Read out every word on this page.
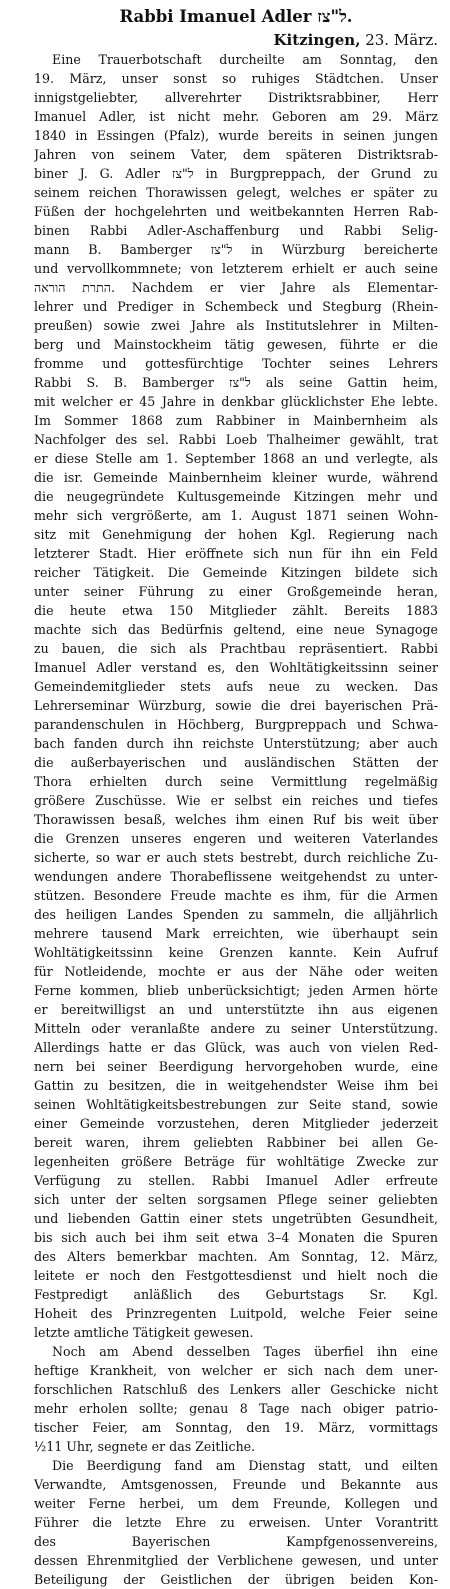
Rabbi Imanuel Adler ל"צז.
Kitzingen, 23. März.
Eine Trauerbotschaft durcheilte am Sonntag, den
19. März, unser sonst so ruhiges Städtchen. Unser
innigstgeliebter, allverehrter Distriktsrabbiner, Herr
Imanuel Adler, ist nicht mehr. Geboren am 29. März
1840 in Essingen (Pfalz), wurde bereits in seinen jungen
Jahren von seinem Vater, dem späteren Distriktsrab-
biner J. G. Adler ל"צז in Burgpreppach, der Grund zu
seinem reichen Thorawissen gelegt, welches er später zu
Füßen der hochgelehrten und weitbekannten Herren Rab-
binen Rabbi Adler-Aschaffenburg und Rabbi Selig-
mann B. Bamberger ל"צז in Würzburg bereicherte
und vervollkommnete; von letzterem erhielt er auch seine
התרת הוראה. Nachdem er vier Jahre als Elementar-
lehrer und Prediger in Schembeck und Stegburg (Rhein-
preußen) sowie zwei Jahre als Institutslehrer in Milten-
berg und Mainstockheim tätig gewesen, führte er die
fromme und gottesfürchtige Tochter seines Lehrers
Rabbi S. B. Bamberger ל"צז als seine Gattin heim,
mit welcher er 45 Jahre in denkbar glücklichster Ehe lebte.
Im Sommer 1868 zum Rabbiner in Mainbernheim als
Nachfolger des sel. Rabbi Loeb Thalheimer gewählt, trat
er diese Stelle am 1. September 1868 an und verlegte, als
die isr. Gemeinde Mainbernheim kleiner wurde, während
die neugegründete Kultusgemeinde Kitzingen mehr und
mehr sich vergrößerte, am 1. August 1871 seinen Wohn-
sitz mit Genehmigung der hohen Kgl. Regierung nach
letzterer Stadt. Hier eröffnete sich nun für ihn ein Feld
reicher Tätigkeit. Die Gemeinde Kitzingen bildete sich
unter seiner Führung zu einer Großgemeinde heran,
die heute etwa 150 Mitglieder zählt. Bereits 1883
machte sich das Bedürfnis geltend, eine neue Synagoge
zu bauen, die sich als Prachtbau repräsentiert. Rabbi
Imanuel Adler verstand es, den Wohltätigkeitssinn seiner
Gemeindemitglieder stets aufs neue zu wecken. Das
Lehrerseminar Würzburg, sowie die drei bayerischen Prä-
parandenschulen in Höchberg, Burgpreppach und Schwa-
bach fanden durch ihn reichste Unterstützung; aber auch
die außerbayerischen und ausländischen Stätten der
Thora erhielten durch seine Vermittlung regelmäßig
größere Zuschüsse. Wie er selbst ein reiches und tiefes
Thorawissen besaß, welches ihm einen Ruf bis weit über
die Grenzen unseres engeren und weiteren Vaterlandes
sicherte, so war er auch stets bestrebt, durch reichliche Zu-
wendungen andere Thorabeflissene weitgehendst zu unter-
stützen. Besondere Freude machte es ihm, für die Armen
des heiligen Landes Spenden zu sammeln, die alljährlich
mehrere tausend Mark erreichten, wie überhaupt sein
Wohltätigkeitssinn keine Grenzen kannte. Kein Aufruf
für Notleidende, mochte er aus der Nähe oder weiten
Ferne kommen, blieb unberücksichtigt; jeden Armen hörte
er bereitwilligst an und unterstützte ihn aus eigenen
Mitteln oder veranlaßte andere zu seiner Unterstützung.
Allerdings hatte er das Glück, was auch von vielen Red-
nern bei seiner Beerdigung hervorgehoben wurde, eine
Gattin zu besitzen, die in weitgehendster Weise ihm bei
seinen Wohltätigkeitsbestrebungen zur Seite stand, sowie
einer Gemeinde vorzustehen, deren Mitglieder jederzeit
bereit waren, ihrem geliebten Rabbiner bei allen Ge-
legenheiten größere Beträge für wohltätige Zwecke zur
Verfügung zu stellen. Rabbi Imanuel Adler erfreute
sich unter der selten sorgsamen Pflege seiner geliebten
und liebenden Gattin einer stets ungetrübten Gesundheit,
bis sich auch bei ihm seit etwa 3–4 Monaten die Spuren
des Alters bemerkbar machten. Am Sonntag, 12. März,
leitete er noch den Festgottesdienst und hielt noch die
Festpredigt anläßlich des Geburtstags Sr. Kgl.
Hoheit des Prinzregenten Luitpold, welche Feier seine
letzte amtliche Tätigkeit gewesen.
Noch am Abend desselben Tages überfiel ihn eine
heftige Krankheit, von welcher er sich nach dem uner-
forschlichen Ratschluß des Lenkers aller Geschicke nicht
mehr erholen sollte; genau 8 Tage nach obiger patrio-
tischer Feier, am Sonntag, den 19. März, vormittags
½11 Uhr, segnete er das Zeitliche.
Die Beerdigung fand am Dienstag statt, und eilten
Verwandte, Amtsgenossen, Freunde und Bekannte aus
weiter Ferne herbei, um dem Freunde, Kollegen und
Führer die letzte Ehre zu erweisen. Unter Vorantritt
des Bayerischen Kampfgenossenvereins,
dessen Ehrenmitglied der Verblichene gewesen, und unter
Beteiligung der Geistlichen der übrigen beiden Kon-
